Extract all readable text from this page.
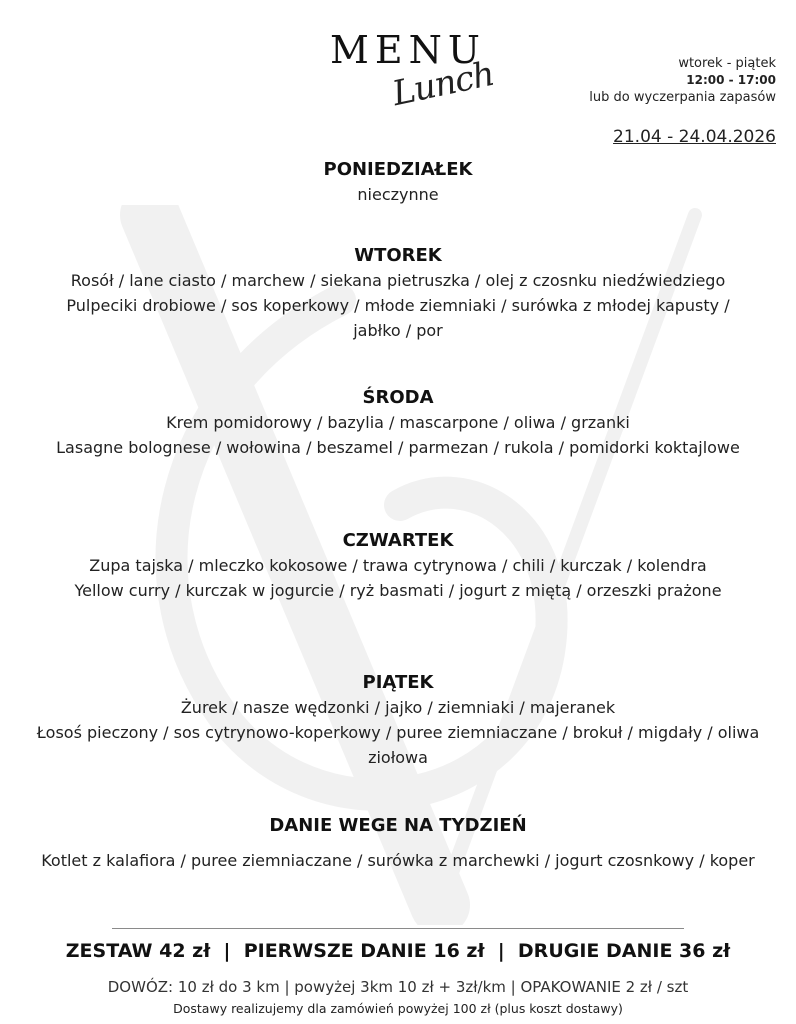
MENU
Lunch	wtorek - piątek
12:00 - 17:00
lub do wyczerpania zapasów
21.04 - 24.04.2026
PONIEDZIAŁEK

nieczynne

WTOREK

Rosół / lane ciasto / marchew / siekana pietruszka / olej z czosnku niedźwiedziego

Pulpeciki drobiowe / sos koperkowy / młode ziemniaki / surówka z młodej kapusty /

jabłko / por

ŚRODA

Krem pomidorowy / bazylia / mascarpone / oliwa / grzanki

Lasagne bolognese / wołowina / beszamel / parmezan / rukola / pomidorki koktajlowe

CZWARTEK

Zupa tajska / mleczko kokosowe / trawa cytrynowa / chili / kurczak / kolendra

Yellow curry / kurczak w jogurcie / ryż basmati / jogurt z miętą / orzeszki prażone

PIĄTEK

Żurek / nasze wędzonki / jajko / ziemniaki / majeranek

Łosoś pieczony / sos cytrynowo-koperkowy / puree ziemniaczane / brokuł / migdały / oliwa

ziołowa

DANIE WEGE NA TYDZIEŃ

Kotlet z kalafiora / puree ziemniaczane / surówka z marchewki / jogurt czosnkowy / koper

ZESTAW 42 zł  |  PIERWSZE DANIE 16 zł  |  DRUGIE DANIE 36 zł
DOWÓZ: 10 zł do 3 km | powyżej 3km 10 zł + 3zł/km | OPAKOWANIE 2 zł / szt
Dostawy realizujemy dla zamówień powyżej 100 zł (plus koszt dostawy)
